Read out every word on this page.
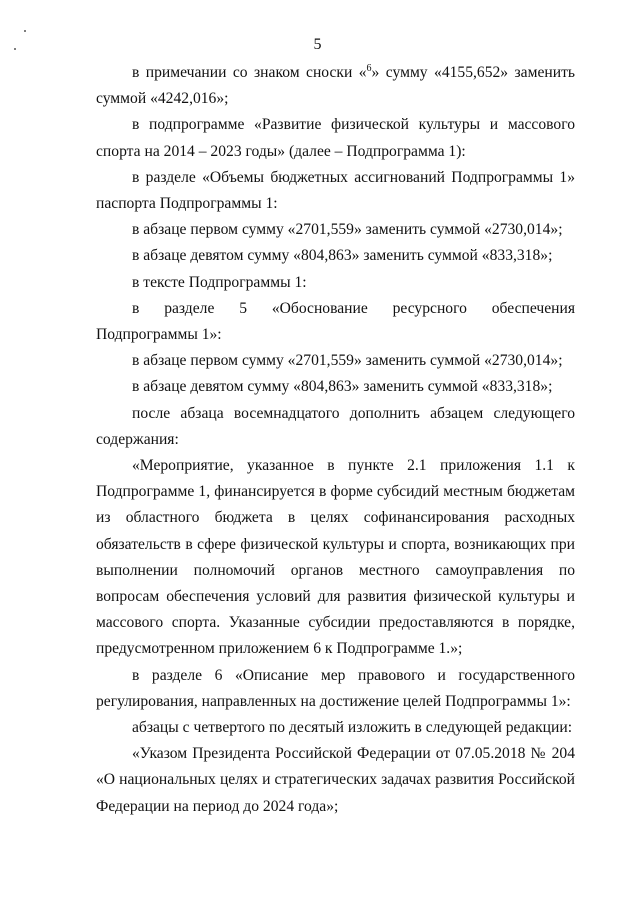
5

в примечании со знаком сноски «$^6$» сумму «4155,652» заменить суммой «4242,016»;

в подпрограмме «Развитие физической культуры и массового спорта на 2014 – 2023 годы» (далее – Подпрограмма 1):

в разделе «Объемы бюджетных ассигнований Подпрограммы 1» паспорта Подпрограммы 1:

в абзаце первом сумму «2701,559» заменить суммой «2730,014»;

в абзаце девятом сумму «804,863» заменить суммой «833,318»;

в тексте Подпрограммы 1:

в разделе 5 «Обоснование ресурсного обеспечения Подпрограммы 1»:

в абзаце первом сумму «2701,559» заменить суммой «2730,014»;

в абзаце девятом сумму «804,863» заменить суммой «833,318»;

после абзаца восемнадцатого дополнить абзацем следующего содержания:

«Мероприятие, указанное в пункте 2.1 приложения 1.1 к Подпрограмме 1, финансируется в форме субсидий местным бюджетам из областного бюджета в целях софинансирования расходных обязательств в сфере физической культуры и спорта, возникающих при выполнении полномочий органов местного самоуправления по вопросам обеспечения условий для развития физической культуры и массового спорта. Указанные субсидии предоставляются в порядке, предусмотренном приложением 6 к Подпрограмме 1.»;

в разделе 6 «Описание мер правового и государственного регулирования, направленных на достижение целей Подпрограммы 1»:

абзацы с четвертого по десятый изложить в следующей редакции:

«Указом Президента Российской Федерации от 07.05.2018 № 204 «О национальных целях и стратегических задачах развития Российской Федерации на период до 2024 года»;
